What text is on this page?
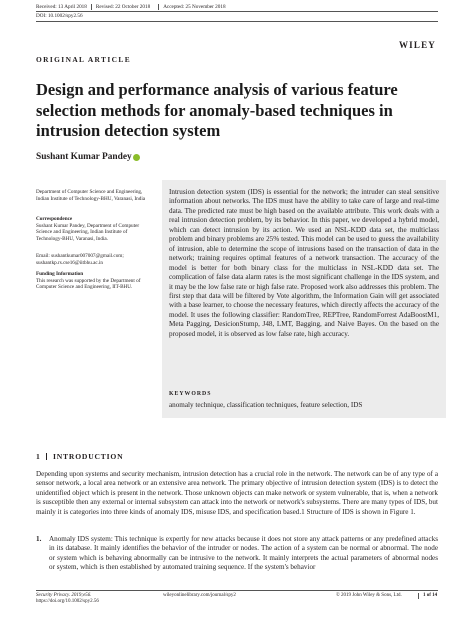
Received: 13 April 2018	Revised: 22 October 2018	Accepted: 25 November 2018
DOI: 10.1002/spy2.56
WILEY
ORIGINAL ARTICLE
Design and performance analysis of various feature selection methods for anomaly-based techniques in intrusion detection system
Sushant Kumar Pandey
Department of Computer Science and Engineering, Indian Institute of Technology-BHU, Varanasi, India
Correspondence
Sushant Kumar Pandey, Department of Computer Science and Engineering, Indian Institute of Technology-BHU, Varanasi, India.
Email: sushantkumar007007@gmail.com; sushantkp.rs.cse16@iitbhu.ac.in
Funding Information
This research was supported by the Department of Computer Science and Engineering, IIT-BHU.
Intrusion detection system (IDS) is essential for the network; the intruder can steal sensitive information about networks. The IDS must have the ability to take care of large and real-time data. The predicted rate must be high based on the available attribute. This work deals with a real intrusion detection problem, by its behavior. In this paper, we developed a hybrid model, which can detect intrusion by its action. We used an NSL-KDD data set, the multiclass problem and binary problems are 25% tested. This model can be used to guess the availability of intrusion, able to determine the scope of intrusions based on the transaction of data in the network; training requires optimal features of a network transaction. The accuracy of the model is better for both binary class for the multiclass in NSL-KDD data set. The complication of false data alarm rates is the most significant challenge in the IDS system, and it may be the low false rate or high false rate. Proposed work also addresses this problem. The first step that data will be filtered by Vote algorithm, the Information Gain will get associated with a base learner, to choose the necessary features, which directly affects the accuracy of the model. It uses the following classifier: RandomTree, REPTree, RandomForrest AdaBoostM1, Meta Pagging, DesicionStump, J48, LMT, Bagging, and Naive Bayes. On the based on the proposed model, it is observed as low false rate, high accuracy.
KEYWORDS
anomaly technique, classification techniques, feature selection, IDS
1 INTRODUCTION
Depending upon systems and security mechanism, intrusion detection has a crucial role in the network. The network can be of any type of a sensor network, a local area network or an extensive area network. The primary objective of intrusion detection system (IDS) is to detect the unidentified object which is present in the network. Those unknown objects can make network or system vulnerable, that is, when a network is susceptible then any external or internal subsystem can attack into the network or network's subsystems. There are many types of IDS, but mainly it is categories into three kinds of anomaly IDS, misuse IDS, and specification based.1 Structure of IDS is shown in Figure 1.
1. Anomaly IDS system: This technique is expertly for new attacks because it does not store any attack patterns or any predefined attacks in its database. It mainly identifies the behavior of the intruder or nodes. The action of a system can be normal or abnormal. The node or system which is behaving abnormally can be intrusive to the network. It mainly interprets the actual parameters of abnormal nodes or system, which is then established by automated training sequence. If the system's behavior
Security Privacy. 2019;e56.
https://doi.org/10.1002/spy2.56
wileyonlinelibrary.com/journal/spy2	© 2019 John Wiley & Sons, Ltd.	1 of 14
